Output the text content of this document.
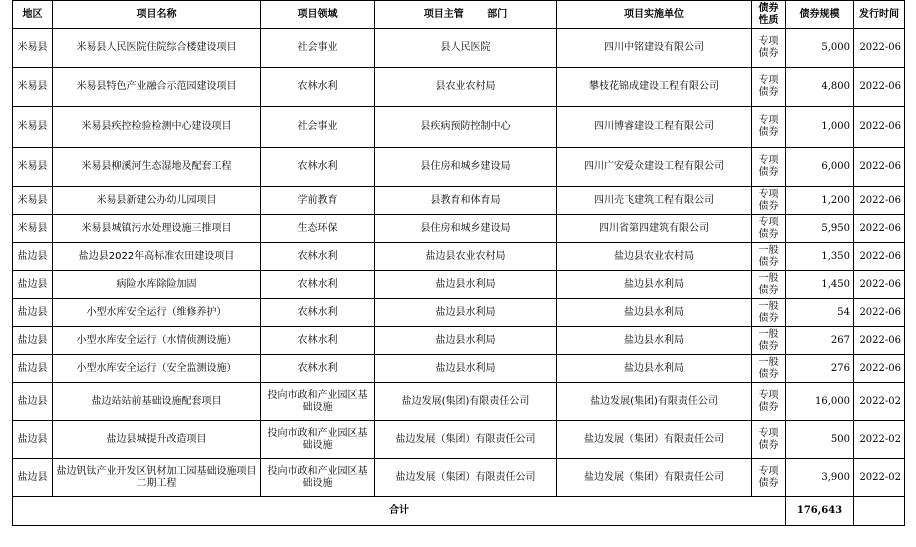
地区	项目名称	项目领域	项目主管　　 部门	项目实施单位	债券性质	债券规模	发行时间
米易县	米易县人民医院住院综合楼建设项目	社会事业	县人民医院	四川中铭建设有限公司	专项债券	5,000	2022-06
米易县	米易县特色产业融合示范园建设项目	农林水利	县农业农村局	攀枝花锦成建设工程有限公司	专项债券	4,800	2022-06
米易县	米易县疾控检验检测中心建设项目	社会事业	县疾病预防控制中心	四川博睿建设工程有限公司	专项债券	1,000	2022-06
米易县	米易县柳溪河生态湿地及配套工程	农林水利	县住房和城乡建设局	四川广安爱众建设工程有限公司	专项债券	6,000	2022-06
米易县	米易县新建公办幼儿园项目	学前教育	县教育和体育局	四川壳飞建筑工程有限公司	专项债券	1,200	2022-06
米易县	米易县城镇污水处理设施三推项目	生态环保	县住房和城乡建设局	四川省第四建筑有限公司	专项债券	5,950	2022-06
盐边县	盐边县2022年高标准农田建设项目	农林水利	盐边县农业农村局	盐边县农业农村局	一般债券	1,350	2022-06
盐边县	病险水库除险加固	农林水利	盐边县水利局	盐边县水利局	一般债券	1,450	2022-06
盐边县	小型水库安全运行（维修养护）	农林水利	盐边县水利局	盐边县水利局	一般债券	54	2022-06
盐边县	小型水库安全运行（水情侦测设施）	农林水利	盐边县水利局	盐边县水利局	一般债券	267	2022-06
盐边县	小型水库安全运行（安全监测设施）	农林水利	盐边县水利局	盐边县水利局	一般债券	276	2022-06
盐边县	盐边站站前基础设施配套项目	投向市政和产业园区基础设施	盐边发展(集团)有限责任公司	盐边发展(集团)有限责任公司	专项债券	16,000	2022-02
盐边县	盐边县城提升改造项目	投向市政和产业园区基础设施	盐边发展（集团）有限责任公司	盐边发展（集团）有限责任公司	专项债券	500	2022-02
盐边县	盐边钒钛产业开发区钒材加工园基础设施项目二期工程	投向市政和产业园区基础设施	盐边发展（集团）有限责任公司	盐边发展（集团）有限责任公司	专项债券	3,900	2022-02
合计						176,643	
